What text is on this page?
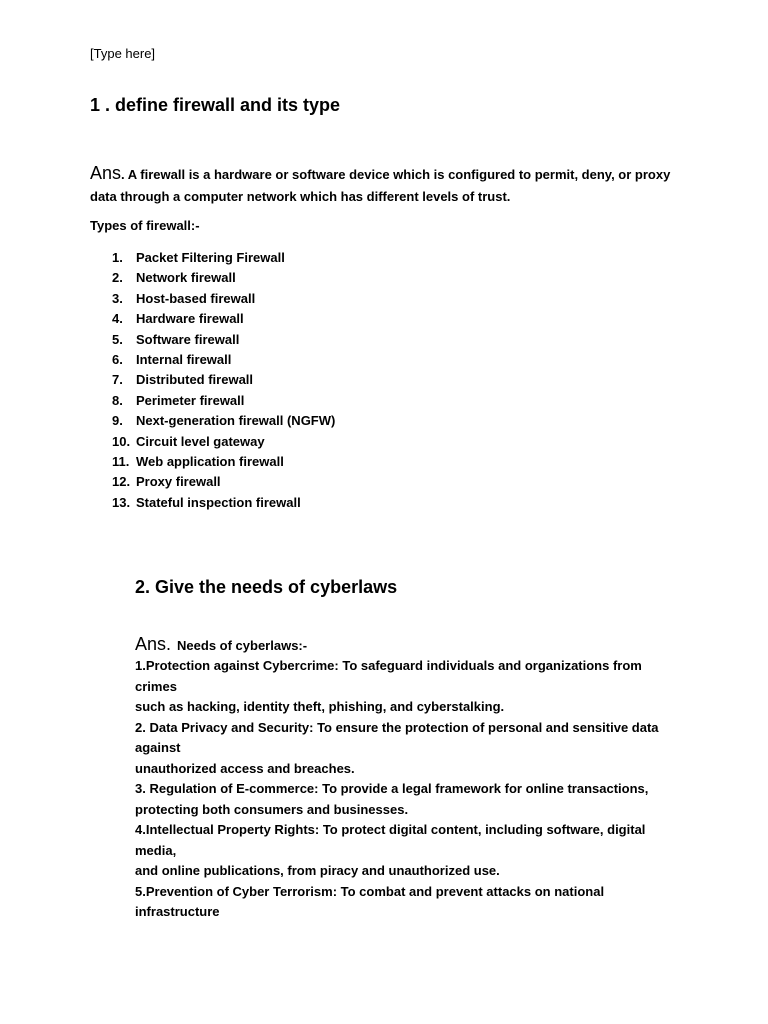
[Type here]
1 . define firewall and its type
Ans. A firewall is a hardware or software device which is configured to permit, deny, or proxy data through a computer network which has different levels of trust.
Types of firewall:-
1. Packet Filtering Firewall
2. Network firewall
3. Host-based firewall
4. Hardware firewall
5. Software firewall
6. Internal firewall
7. Distributed firewall
8. Perimeter firewall
9. Next-generation firewall (NGFW)
10. Circuit level gateway
11. Web application firewall
12. Proxy firewall
13. Stateful inspection firewall
2. Give the needs of cyberlaws
Ans. Needs of cyberlaws:-
1.Protection against Cybercrime: To safeguard individuals and organizations from
crimes
such as hacking, identity theft, phishing, and cyberstalking.
2. Data Privacy and Security: To ensure the protection of personal and sensitive data
against
unauthorized access and breaches.
3. Regulation of E-commerce: To provide a legal framework for online transactions,
protecting both consumers and businesses.
4.Intellectual Property Rights: To protect digital content, including software, digital
media,
and online publications, from piracy and unauthorized use.
5.Prevention of Cyber Terrorism: To combat and prevent attacks on national
infrastructure
